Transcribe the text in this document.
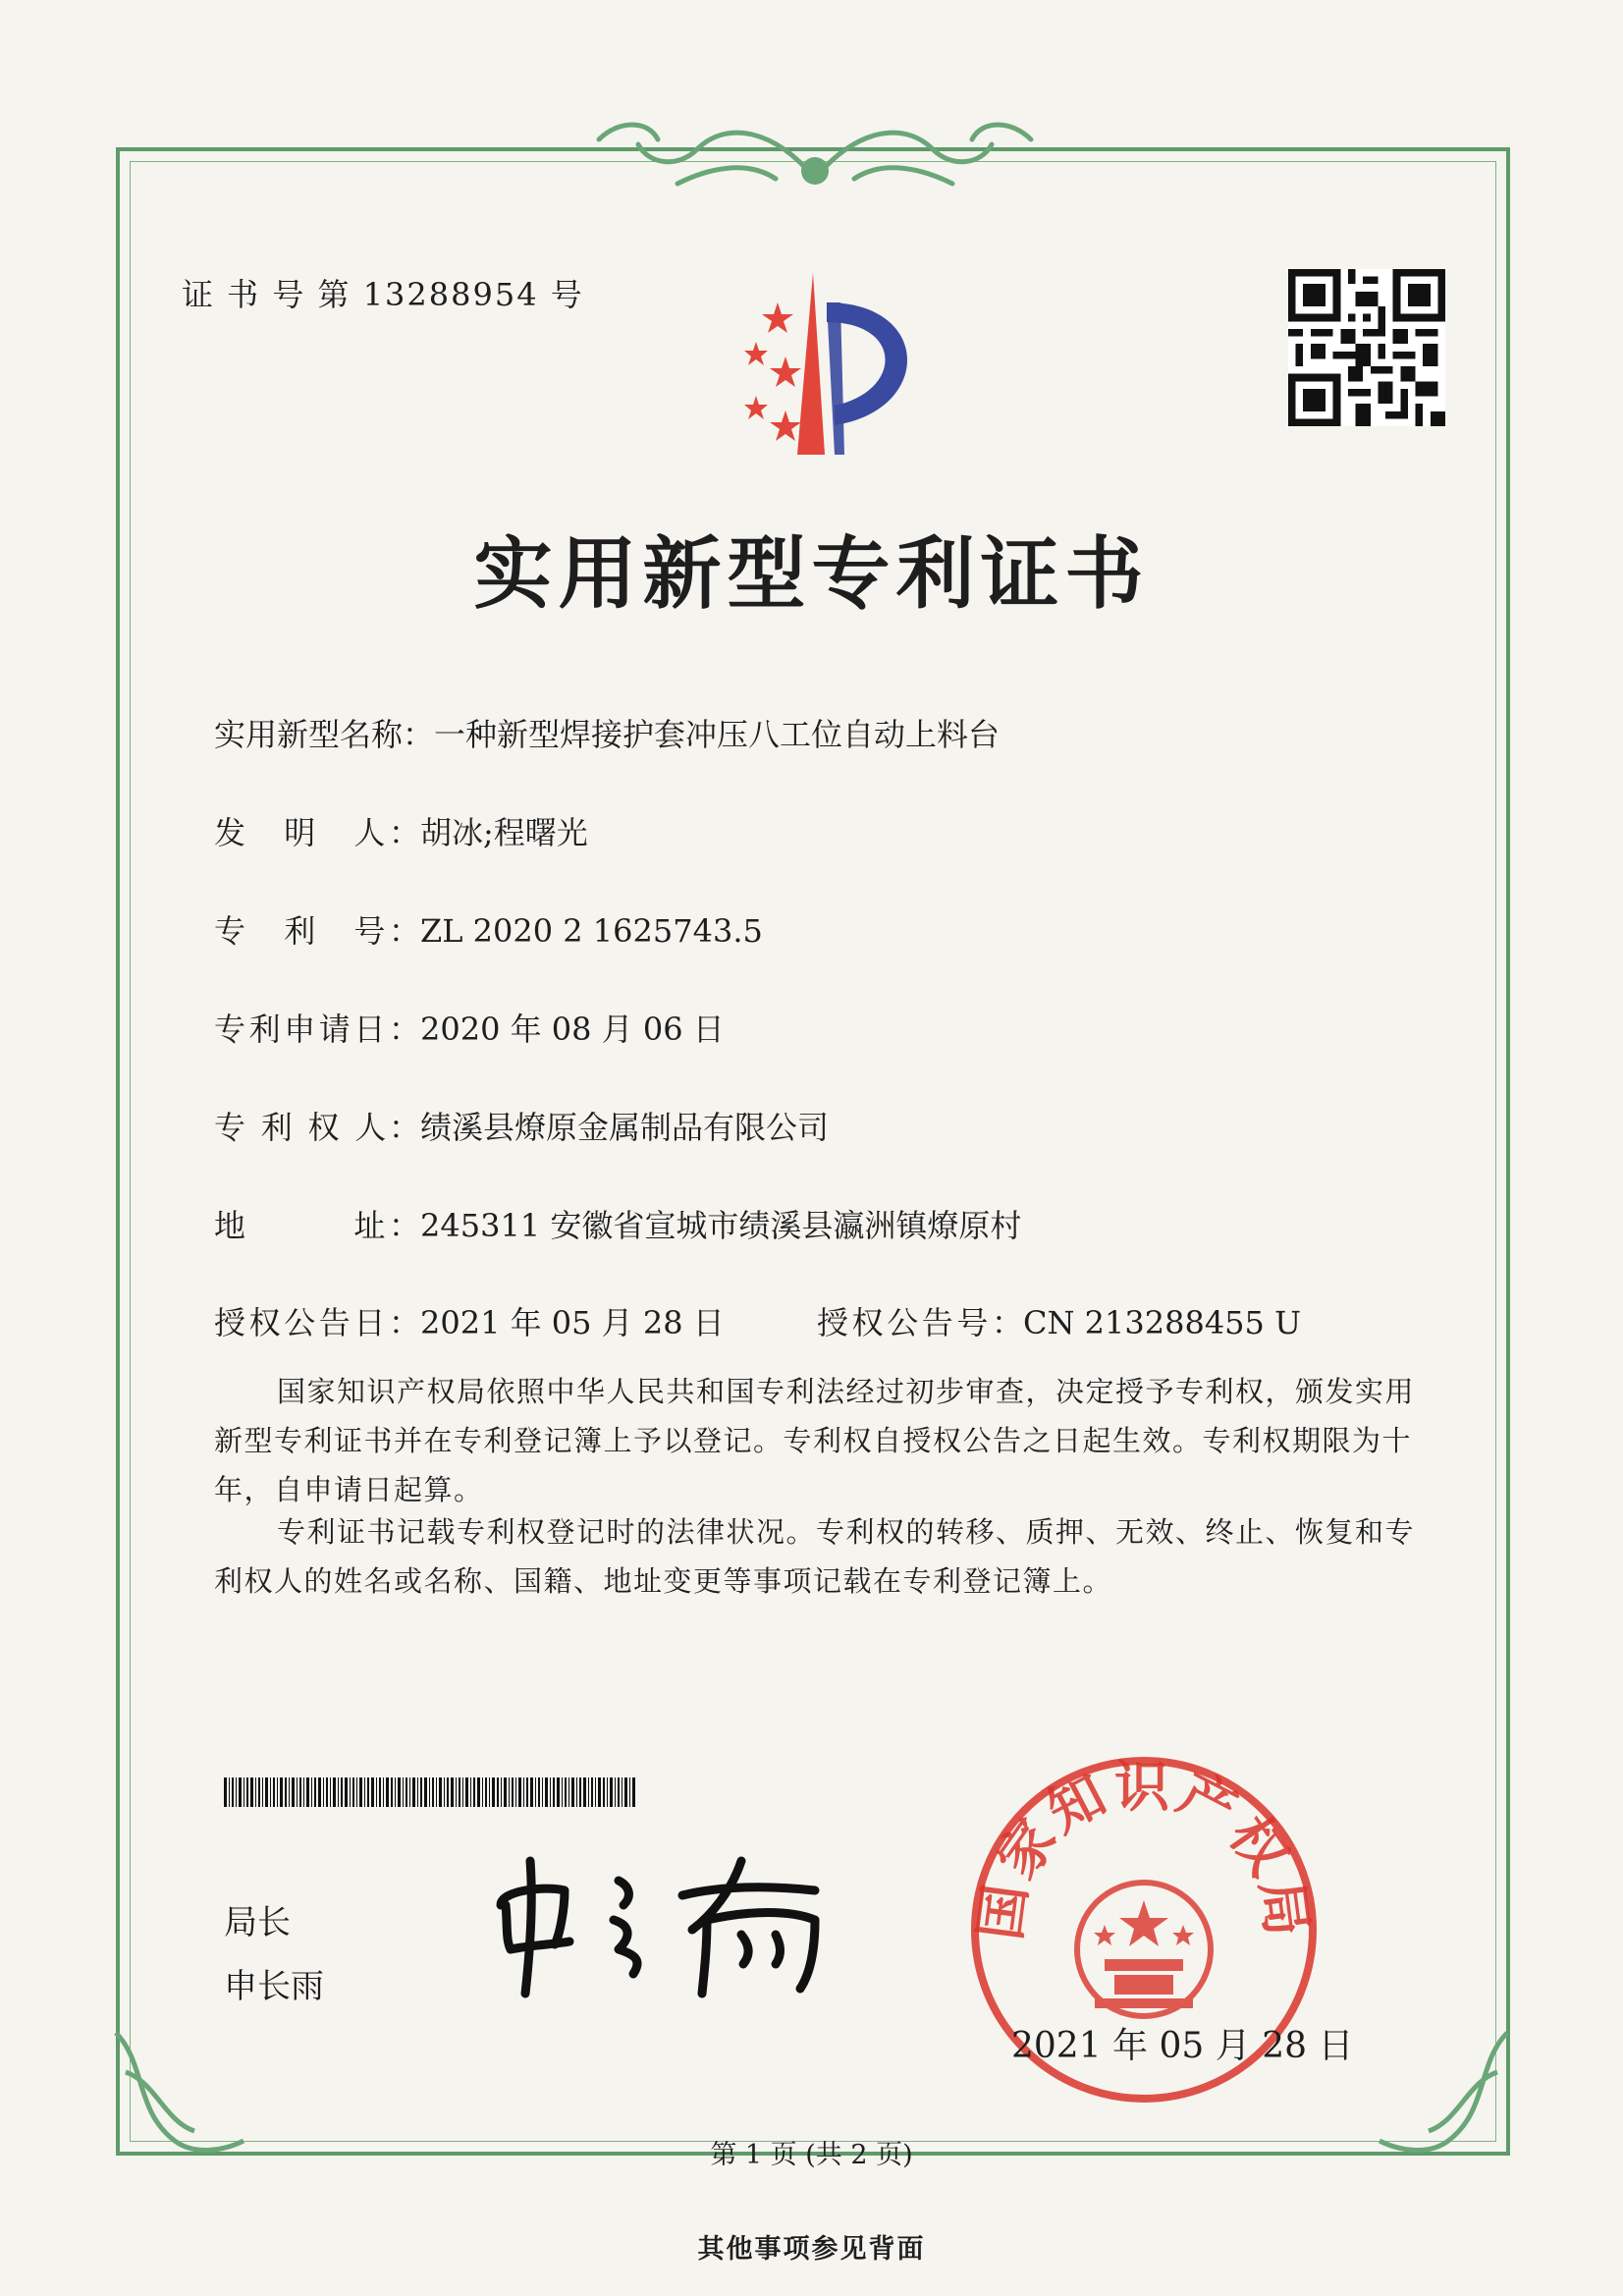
证 书 号 第 13288954 号
实用新型专利证书
实用新型名称：一种新型焊接护套冲压八工位自动上料台
发　明　人：胡冰;程曙光
专　利　号：ZL 2020 2 1625743.5
专利申请日：2020 年 08 月 06 日
专 利 权 人：绩溪县燎原金属制品有限公司
地　　　址：245311 安徽省宣城市绩溪县瀛洲镇燎原村
授权公告日：2021 年 05 月 28 日	授权公告号：CN 213288455 U
国家知识产权局依照中华人民共和国专利法经过初步审查，决定授予专利权，颁发实用新型专利证书并在专利登记簿上予以登记。专利权自授权公告之日起生效。专利权期限为十年，自申请日起算。
专利证书记载专利权登记时的法律状况。专利权的转移、质押、无效、终止、恢复和专利权人的姓名或名称、国籍、地址变更等事项记载在专利登记簿上。
局长
申长雨
国家知识产权局
2021 年 05 月 28 日
第 1 页 (共 2 页)
其他事项参见背面
